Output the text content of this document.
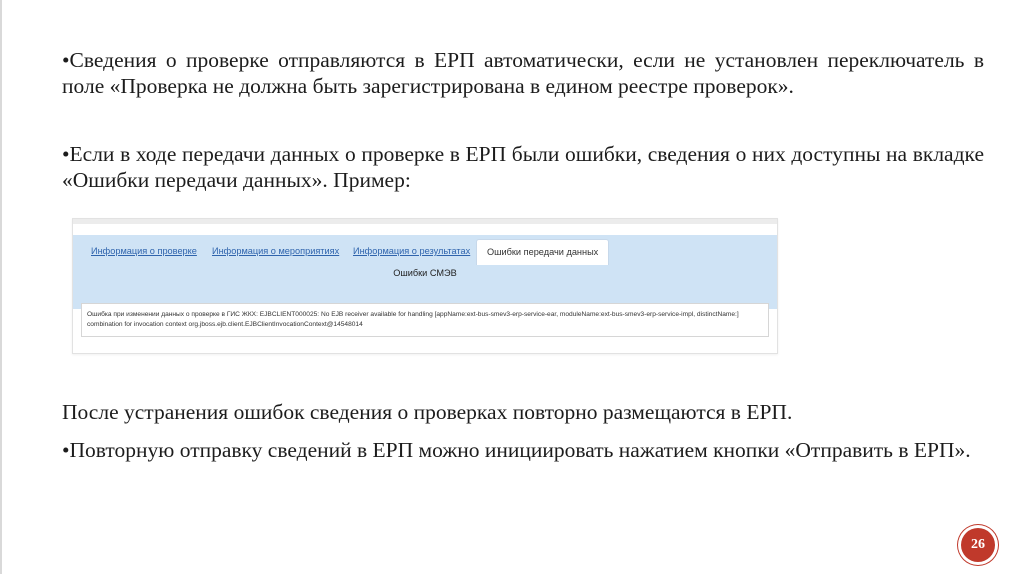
•Сведения о проверке отправляются в ЕРП автоматически, если не установлен переключатель в поле «Проверка не должна быть зарегистрирована в едином реестре проверок».

•Если в ходе передачи данных о проверке в ЕРП были ошибки, сведения о них доступны на вкладке «Ошибки передачи данных». Пример:

Информация о проверке Информация о мероприятиях Информация о результатах	Ошибки передачи данных
Ошибки СМЭВ
Ошибка при изменении данных о проверке в ГИС ЖКХ: EJBCLIENT000025: No EJB receiver available for handling [appName:ext-bus-smev3-erp-service-ear, moduleName:ext-bus-smev3-erp-service-impl, distinctName:] combination for invocation context org.jboss.ejb.client.EJBClientInvocationContext@14548014

После устранения ошибок сведения о проверках повторно размещаются в ЕРП.

•Повторную отправку сведений в ЕРП можно инициировать нажатием кнопки «Отправить в ЕРП».

26
